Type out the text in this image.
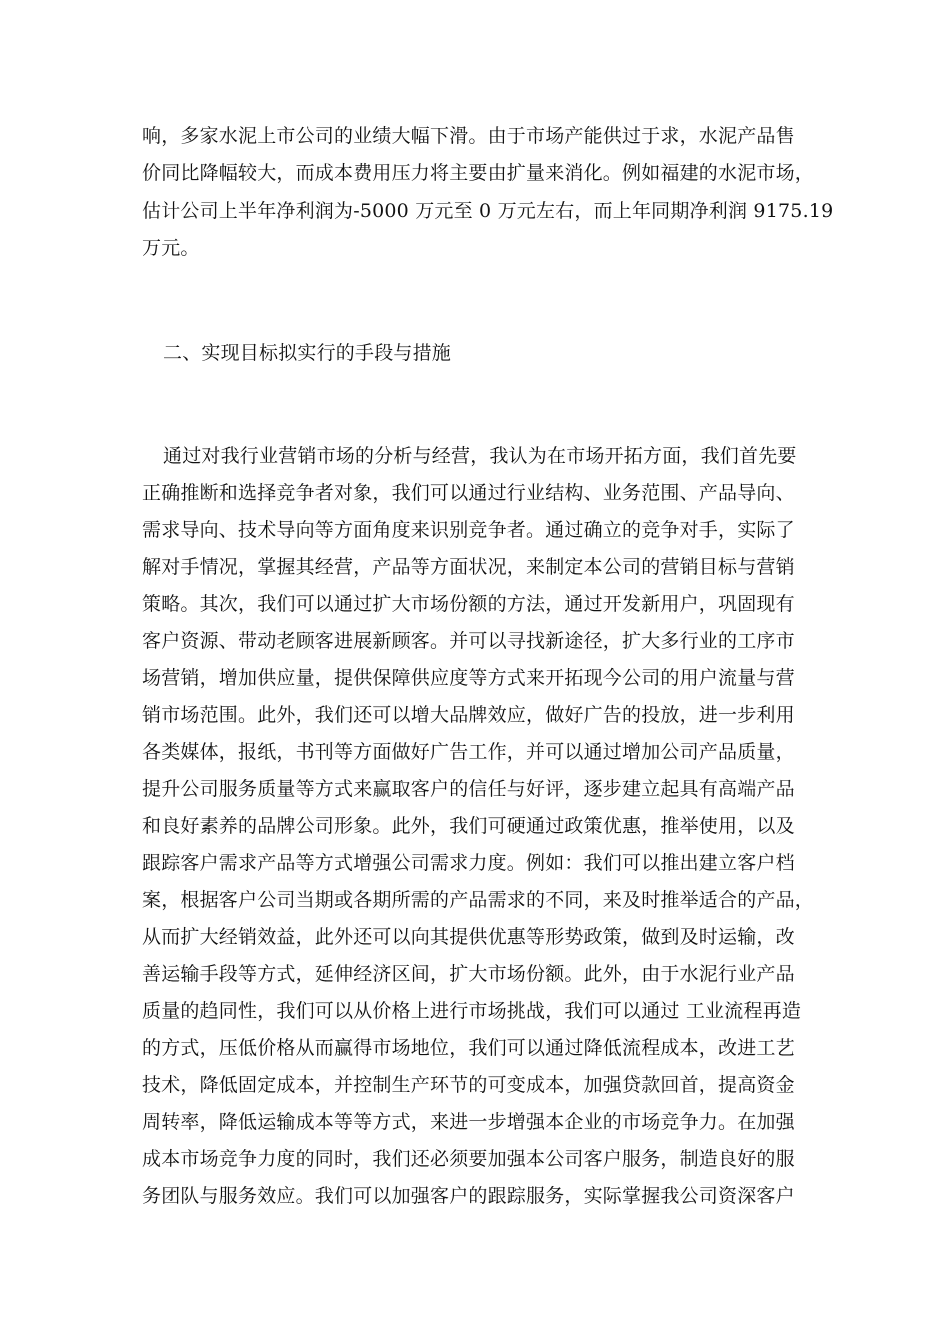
响，多家水泥上市公司的业绩大幅下滑。由于市场产能供过于求，水泥产品售
价同比降幅较大，而成本费用压力将主要由扩量来消化。例如福建的水泥市场，
估计公司上半年净利润为-5000 万元至 0 万元左右，而上年同期净利润 9175.19
万元。
二、实现目标拟实行的手段与措施
通过对我行业营销市场的分析与经营，我认为在市场开拓方面，我们首先要
正确推断和选择竞争者对象，我们可以通过行业结构、业务范围、产品导向、
需求导向、技术导向等方面角度来识别竞争者。通过确立的竞争对手，实际了
解对手情况，掌握其经营，产品等方面状况，来制定本公司的营销目标与营销
策略。其次，我们可以通过扩大市场份额的方法，通过开发新用户，巩固现有
客户资源、带动老顾客进展新顾客。并可以寻找新途径，扩大多行业的工序市
场营销，增加供应量，提供保障供应度等方式来开拓现今公司的用户流量与营
销市场范围。此外，我们还可以增大品牌效应，做好广告的投放，进一步利用
各类媒体，报纸，书刊等方面做好广告工作，并可以通过增加公司产品质量，
提升公司服务质量等方式来赢取客户的信任与好评，逐步建立起具有高端产品
和良好素养的品牌公司形象。此外，我们可硬通过政策优惠，推举使用，以及
跟踪客户需求产品等方式增强公司需求力度。例如：我们可以推出建立客户档
案，根据客户公司当期或各期所需的产品需求的不同，来及时推举适合的产品，
从而扩大经销效益，此外还可以向其提供优惠等形势政策，做到及时运输，改
善运输手段等方式，延伸经济区间，扩大市场份额。此外，由于水泥行业产品
质量的趋同性，我们可以从价格上进行市场挑战，我们可以通过 工业流程再造
的方式，压低价格从而赢得市场地位，我们可以通过降低流程成本，改进工艺
技术，降低固定成本，并控制生产环节的可变成本，加强贷款回首，提高资金
周转率，降低运输成本等等方式，来进一步增强本企业的市场竞争力。在加强
成本市场竞争力度的同时，我们还必须要加强本公司客户服务，制造良好的服
务团队与服务效应。我们可以加强客户的跟踪服务，实际掌握我公司资深客户
